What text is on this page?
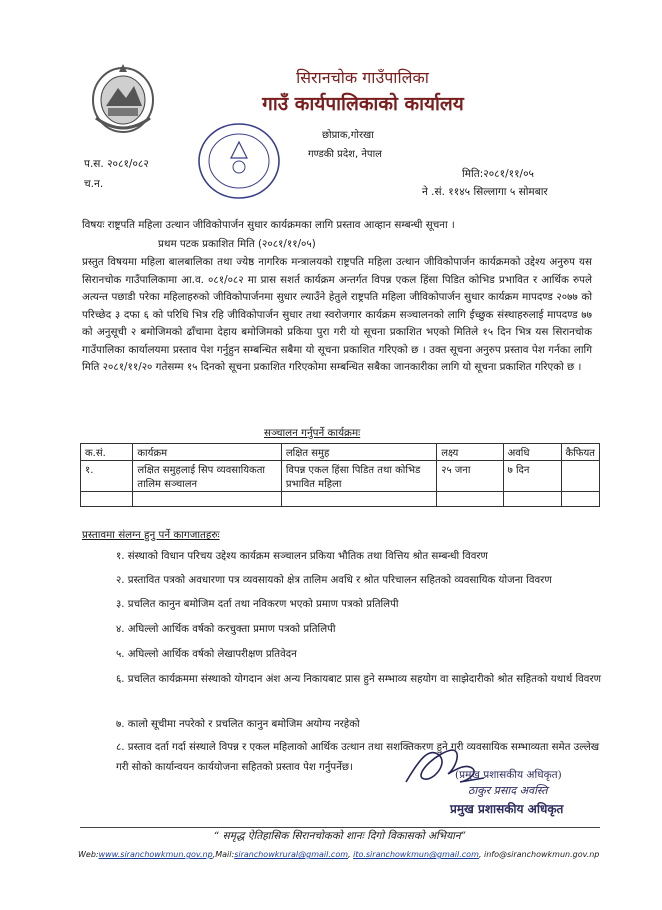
सिरानचोक गाउँपालिका
गाउँ कार्यपालिकाको कार्यालय
छोप्राक,गोरखा
गण्डकी प्रदेश, नेपाल
प.स. २०८१/०८२
च.न.
मिति:२०८१/११/०५
ने .सं. ११४५ सिल्लागा ५ सोमबार
विषयः राष्ट्रपति महिला उत्थान जीविकोपार्जन सुधार कार्यक्रमका लागि प्रस्ताव आव्हान सम्बन्धी सूचना ।
प्रथम पटक प्रकाशित मिति (२०८१/११/०५)
प्रस्तुत विषयमा महिला बालबालिका तथा ज्येष्ठ नागरिक मन्त्रालयको राष्ट्रपति महिला उत्थान जीविकोपार्जन कार्यक्रमको उद्देश्य अनुरुप यस सिरानचोक गाउँपालिकामा आ.व. ०८१/०८२ मा प्रास सशर्त कार्यक्रम अन्तर्गत विपन्न एकल हिंसा पिडित कोभिड प्रभावित र आर्थिक रुपले अत्यन्त पछाडी परेका महिलाहरुको जीविकोपार्जनमा सुधार ल्याउँने हेतुले राष्ट्रपति महिला जीविकोपार्जन सुधार कार्यक्रम मापदण्ड २०७७ को परिच्छेद ३ दफा ६ को परिधि भित्र रहि जीविकोपार्जन सुधार तथा स्वरोजगार कार्यक्रम सञ्चालनको लागि ईच्छुक संस्थाहरुलाई मापदण्ड ७७ को अनुसूची २ बमोजिमको ढाँचामा देहाय बमोजिमको प्रकिया पुरा गरी यो सूचना प्रकाशित भएको मितिले १५ दिन भित्र यस सिरानचोक गाउँपालिका कार्यालयमा प्रस्ताव पेश गर्नुहुन सम्बन्धित सबैमा यो सूचना प्रकाशित गरिएको छ । उक्त सूचना अनुरुप प्रस्ताव पेश गर्नका लागि मिति २०८१/११/२० गतेसम्म १५ दिनको सूचना प्रकाशित गरिएकोमा सम्बन्धित सबैका जानकारीका लागि यो सूचना प्रकाशित गरिएको छ ।
सञ्चालन गर्नुपर्ने कार्यक्रमः
क.सं.	कार्यक्रम	लक्षित समुह	लक्ष्य	अवधि	कैफियत
१.	लक्षित समुहलाई सिप व्यवसायिकता तालिम सञ्चालन	विपन्न एकल हिंसा पिडित तथा कोभिड प्रभावित महिला	२५ जना	७ दिन	

प्रस्तावमा संलग्न हुनु पर्ने कागजातहरुः
१. संस्थाको विधान परिचय उद्देश्य कार्यक्रम सञ्चालन प्रकिया भौतिक तथा वित्तिय श्रोत सम्बन्धी विवरण
२. प्रस्तावित पत्रको अवधारणा पत्र व्यवसायको क्षेत्र तालिम अवधि र श्रोत परिचालन सहितको व्यवसायिक योजना विवरण
३. प्रचलित कानुन बमोजिम दर्ता तथा नविकरण भएको प्रमाण पत्रको प्रतिलिपी
४. अघिल्लो आर्थिक वर्षको करचुक्ता प्रमाण पत्रको प्रतिलिपी
५. अघिल्लो आर्थिक वर्षको लेखापरीक्षण प्रतिवेदन
६. प्रचलित कार्यक्रममा संस्थाको योगदान अंश अन्य निकायबाट प्रास हुने सम्भाव्य सहयोग वा साझेदारीको श्रोत सहितको यथार्थ विवरण
७. कालो सूचीमा नपरेको र प्रचलित कानुन बमोजिम अयोग्य नरहेको
८. प्रस्ताव दर्ता गर्दा संस्थाले विपन्न र एकल महिलाको आर्थिक उत्थान तथा सशक्तिकरण हुने गरी व्यवसायिक सम्भाव्यता समेत उल्लेख गरी सोको कार्यान्वयन कार्ययोजना सहितको प्रस्ताव पेश गर्नुपर्नेछ।
(प्रमुख प्रशासकीय अधिकृत)
ठाकुर प्रसाद अवस्ति
प्रमुख प्रशासकीय अधिकृत
“ समृद्ध ऐतिहासिक सिरानचोकको शानः दिगो विकासको अभियान”
Web:www.siranchowkmun.gov.np,Mail:siranchowkrural@gmail.com, ito.siranchowkmun@gmail.com, info@siranchowkmun.gov.np
